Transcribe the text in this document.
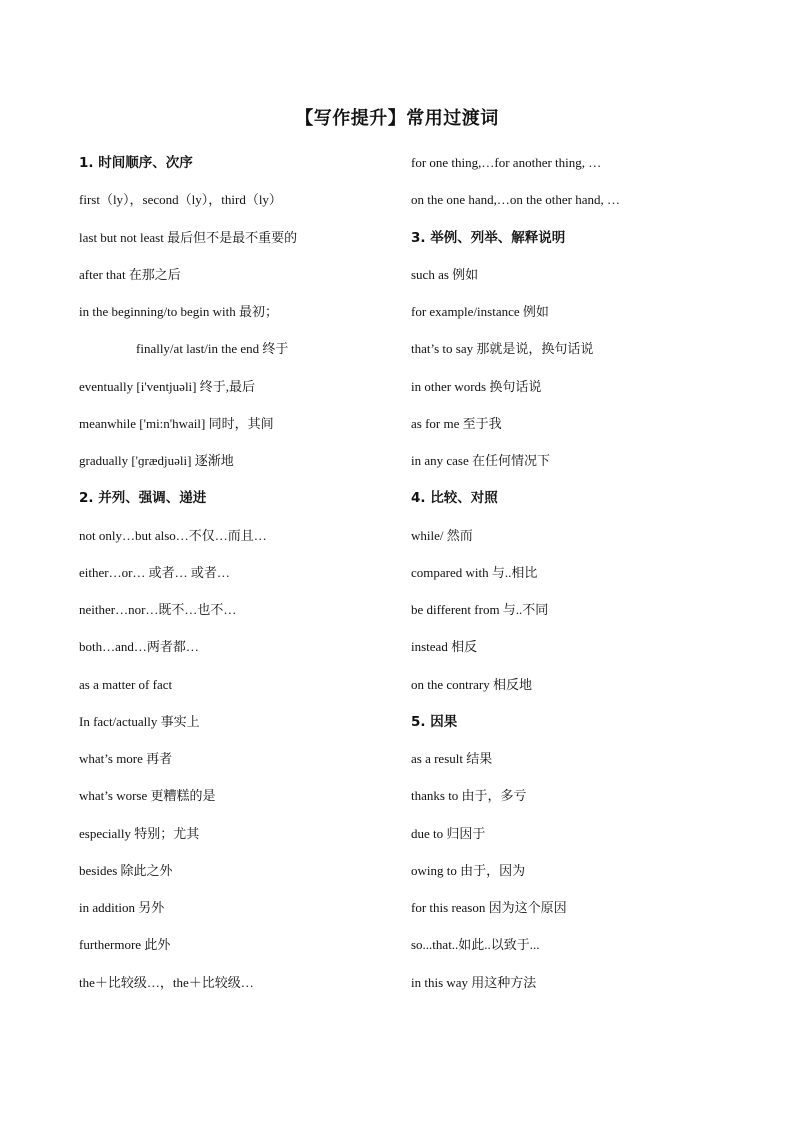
【写作提升】常用过渡词
1. 时间顺序、次序
first（ly），second（ly），third（ly）
last but not least 最后但不是最不重要的
after that 在那之后
in the beginning/to begin with 最初；
finally/at last/in the end 终于
eventually [i'ventjuəli] 终于,最后
meanwhile ['mi:n'hwail] 同时，其间
gradually ['ɡrædjuəli] 逐渐地
2. 并列、强调、递进
not only…but also…不仅…而且…
either…or… 或者… 或者…
neither…nor…既不…也不…
both…and…两者都…
as a matter of fact
In fact/actually 事实上
what’s more 再者
what’s worse 更糟糕的是
especially 特别；尤其
besides 除此之外
in addition 另外
furthermore 此外
the＋比较级…，the＋比较级…
for one thing,…for another thing, …
on the one hand,…on the other hand, …
3. 举例、列举、解释说明
such as 例如
for example/instance 例如
that’s to say 那就是说，换句话说
in other words 换句话说
as for me 至于我
in any case 在任何情况下
4. 比较、对照
while/ 然而
compared with 与..相比
be different from 与..不同
instead 相反
on the contrary 相反地
5. 因果
as a result 结果
thanks to 由于，多亏
due to 归因于
owing to 由于，因为
for this reason 因为这个原因
so...that..如此..以致于...
in this way 用这种方法
